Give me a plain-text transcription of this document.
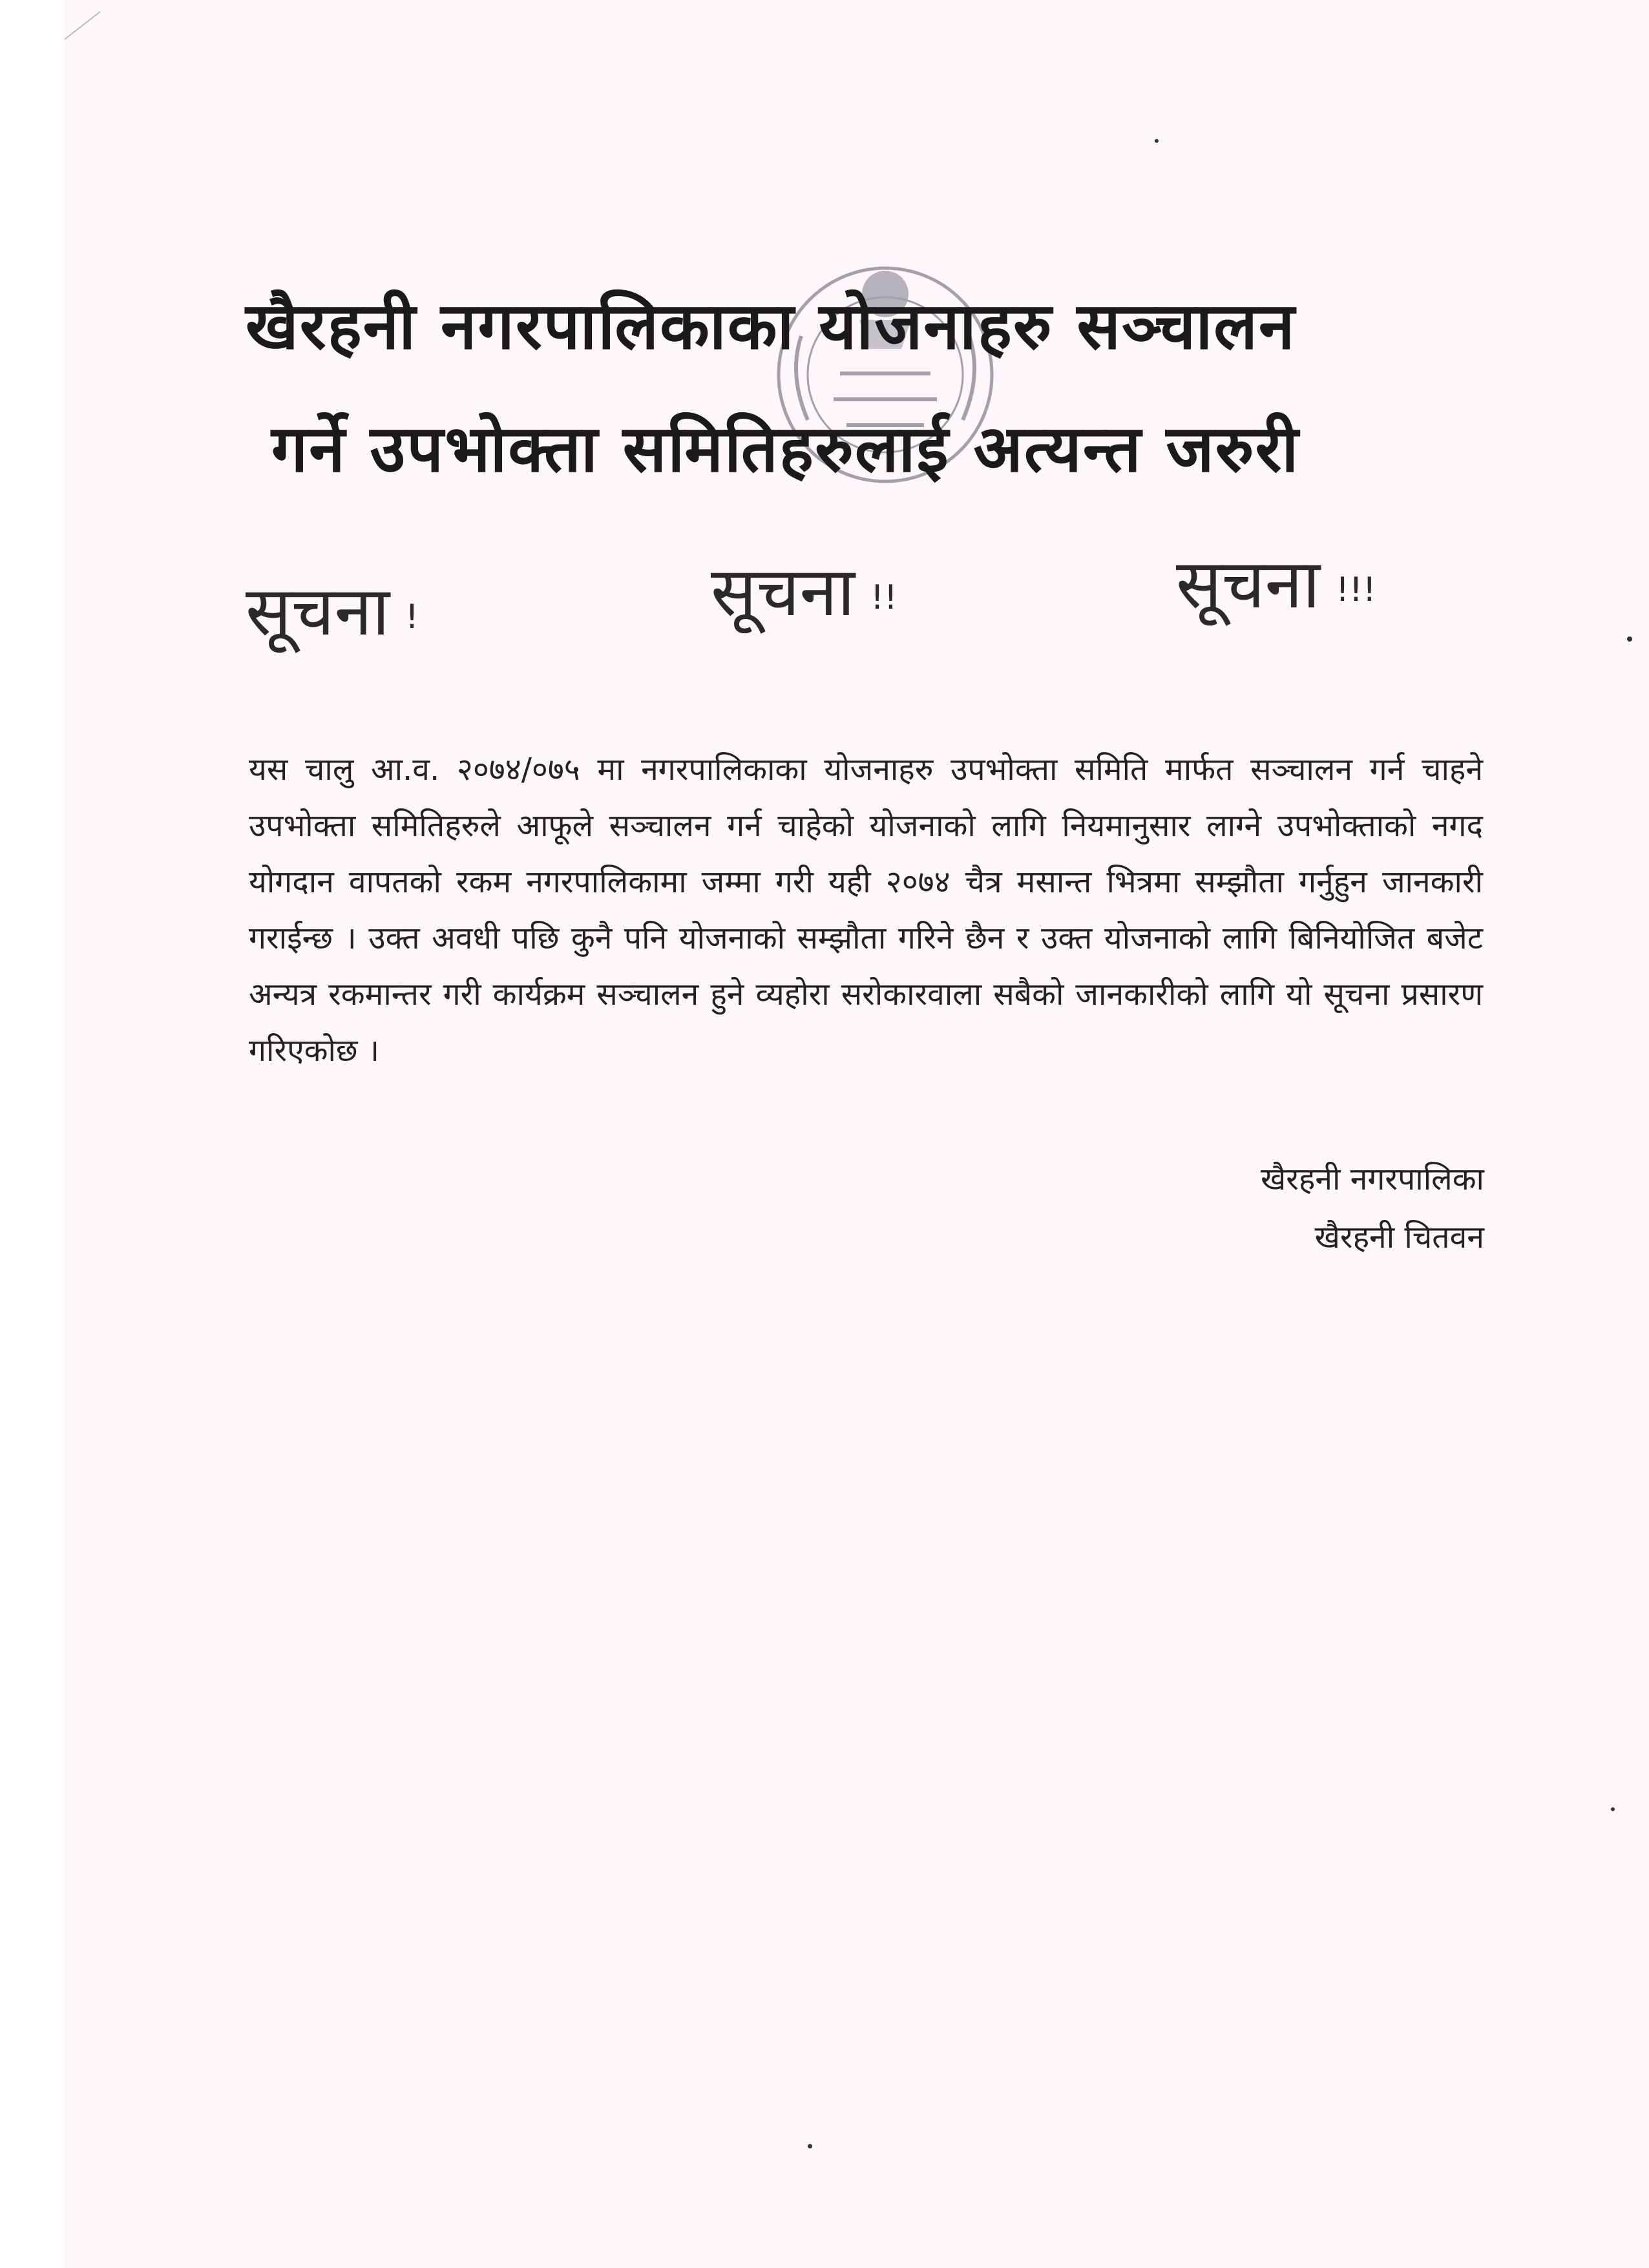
खैरहनी नगरपालिकाका योजनाहरु सञ्चालन
गर्ने उपभोक्ता समितिहरुलाई अत्यन्त जरुरी
सूचना !	सूचना !!	सूचना !!!

यस चालु आ.व. २०७४/०७५ मा नगरपालिकाका योजनाहरु उपभोक्ता समिति मार्फत सञ्चालन गर्न चाहने उपभोक्ता समितिहरुले आफूले सञ्चालन गर्न चाहेको योजनाको लागि नियमानुसार लाग्ने उपभोक्ताको नगद योगदान वापतको रकम नगरपालिकामा जम्मा गरी यही २०७४ चैत्र मसान्त भित्रमा सम्झौता गर्नुहुन जानकारी गराईन्छ । उक्त अवधी पछि कुनै पनि योजनाको सम्झौता गरिने छैन र उक्त योजनाको लागि बिनियोजित बजेट अन्यत्र रकमान्तर गरी कार्यक्रम सञ्चालन हुने व्यहोरा सरोकारवाला सबैको जानकारीको लागि यो सूचना प्रसारण गरिएकोछ ।

खैरहनी नगरपालिका
खैरहनी चितवन
